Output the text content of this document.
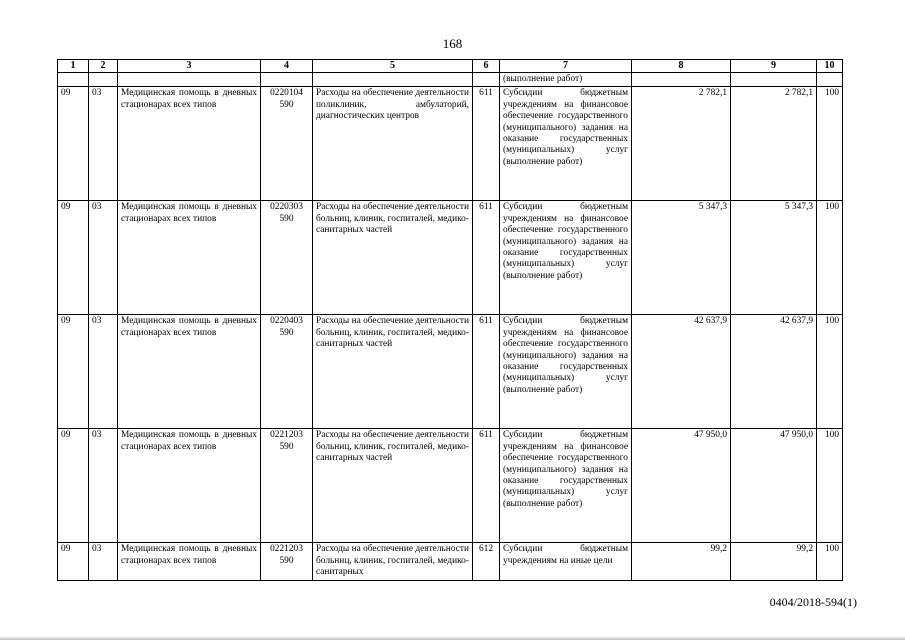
168
1	2	3	4	5	6	7	8	9	10
						(выполнение работ)			
09	03	Медицинская помощь в дневных стационарах всех типов	0220104 590	Расходы на обеспечение деятельности поликлиник, амбулаторий, диагностических центров	611	Субсидии бюджетным учреждениям на финансовое обеспечение государственного (муниципального) задания на оказание государственных (муниципальных) услуг (выполнение работ)	2 782,1	2 782,1	100
09	03	Медицинская помощь в дневных стационарах всех типов	0220303 590	Расходы на обеспечение деятельности больниц, клиник, госпиталей, медико-санитарных частей	611	Субсидии бюджетным учреждениям на финансовое обеспечение государственного (муниципального) задания на оказание государственных (муниципальных) услуг (выполнение работ)	5 347,3	5 347,3	100
09	03	Медицинская помощь в дневных стационарах всех типов	0220403 590	Расходы на обеспечение деятельности больниц, клиник, госпиталей, медико-санитарных частей	611	Субсидии бюджетным учреждениям на финансовое обеспечение государственного (муниципального) задания на оказание государственных (муниципальных) услуг (выполнение работ)	42 637,9	42 637,9	100
09	03	Медицинская помощь в дневных стационарах всех типов	0221203 590	Расходы на обеспечение деятельности больниц, клиник, госпиталей, медико-санитарных частей	611	Субсидии бюджетным учреждениям на финансовое обеспечение государственного (муниципального) задания на оказание государственных (муниципальных) услуг (выполнение работ)	47 950,0	47 950,0	100
09	03	Медицинская помощь в дневных стационарах всех типов	0221203 590	Расходы на обеспечение деятельности больниц, клиник, госпиталей, медико-санитарных	612	Субсидии бюджетным учреждениям на иные цели	99,2	99,2	100
0404/2018-594(1)
